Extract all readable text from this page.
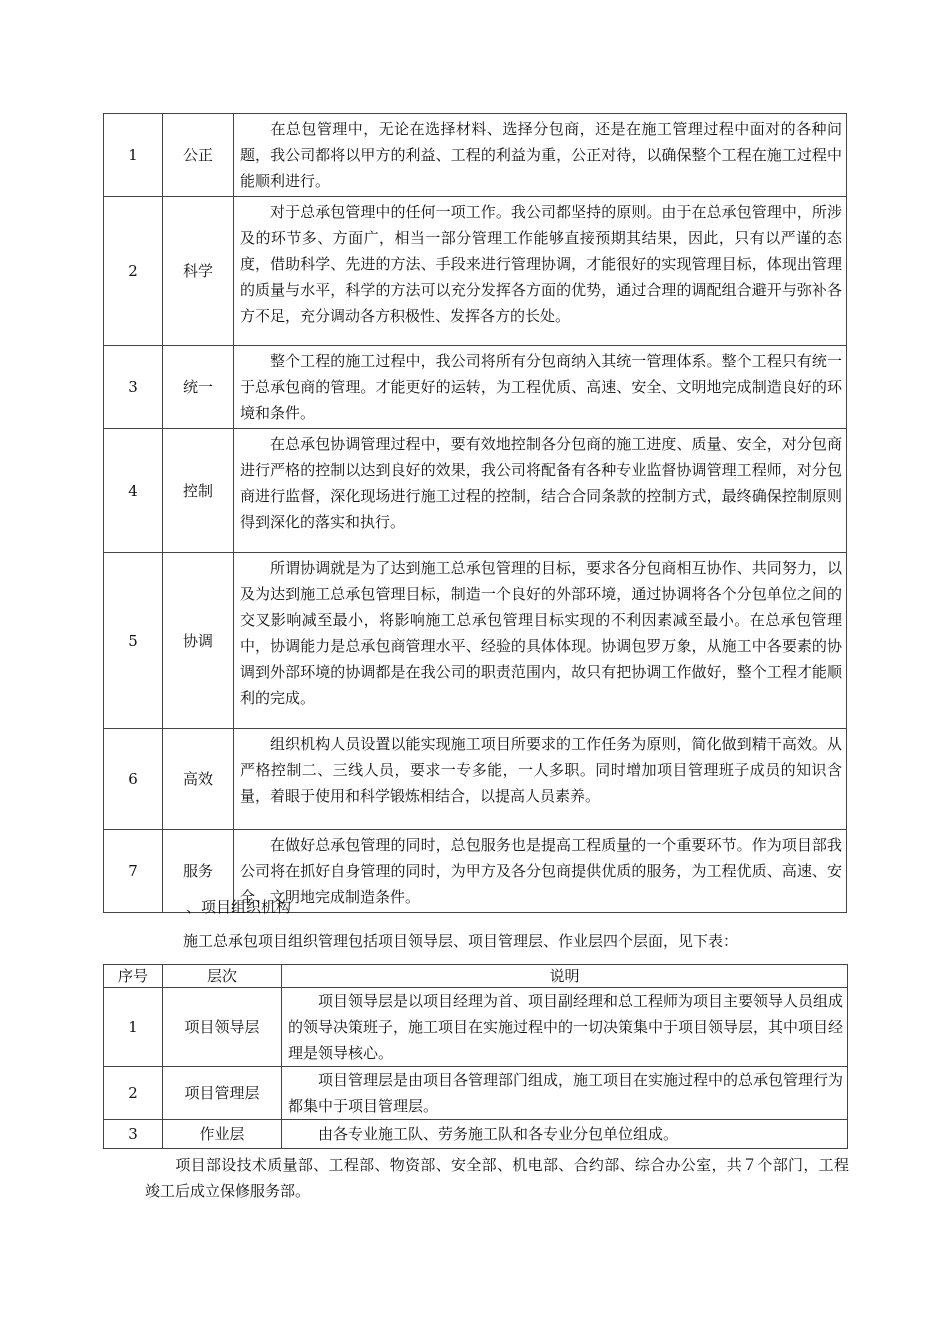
1	公正	在总包管理中，无论在选择材料、选择分包商，还是在施工管理过程中面对的各种问题，我公司都将以甲方的利益、工程的利益为重，公正对待，以确保整个工程在施工过程中能顺利进行。
2	科学	对于总承包管理中的任何一项工作。我公司都坚持的原则。由于在总承包管理中，所涉及的环节多、方面广，相当一部分管理工作能够直接预期其结果，因此，只有以严谨的态度，借助科学、先进的方法、手段来进行管理协调，才能很好的实现管理目标，体现出管理的质量与水平，科学的方法可以充分发挥各方面的优势，通过合理的调配组合避开与弥补各方不足，充分调动各方积极性、发挥各方的长处。
3	统一	整个工程的施工过程中，我公司将所有分包商纳入其统一管理体系。整个工程只有统一于总承包商的管理。才能更好的运转，为工程优质、高速、安全、文明地完成制造良好的环境和条件。
4	控制	在总承包协调管理过程中，要有效地控制各分包商的施工进度、质量、安全，对分包商进行严格的控制以达到良好的效果，我公司将配备有各种专业监督协调管理工程师，对分包商进行监督，深化现场进行施工过程的控制，结合合同条款的控制方式，最终确保控制原则得到深化的落实和执行。
5	协调	所谓协调就是为了达到施工总承包管理的目标，要求各分包商相互协作、共同努力，以及为达到施工总承包管理目标，制造一个良好的外部环境，通过协调将各个分包单位之间的交叉影响减至最小，将影响施工总承包管理目标实现的不利因素减至最小。在总承包管理中，协调能力是总承包商管理水平、经验的具体体现。协调包罗万象，从施工中各要素的协调到外部环境的协调都是在我公司的职责范围内，故只有把协调工作做好，整个工程才能顺利的完成。
6	高效	组织机构人员设置以能实现施工项目所要求的工作任务为原则，简化做到精干高效。从严格控制二、三线人员，要求一专多能，一人多职。同时增加项目管理班子成员的知识含量，着眼于使用和科学锻炼相结合，以提高人员素养。
7	服务	在做好总承包管理的同时，总包服务也是提高工程质量的一个重要环节。作为项目部我公司将在抓好自身管理的同时，为甲方及各分包商提供优质的服务，为工程优质、高速、安全、文明地完成制造条件。
、项目组织机构
施工总承包项目组织管理包括项目领导层、项目管理层、作业层四个层面，见下表：
序号	层次	说明
1	项目领导层	项目领导层是以项目经理为首、项目副经理和总工程师为项目主要领导人员组成的领导决策班子，施工项目在实施过程中的一切决策集中于项目领导层，其中项目经理是领导核心。
2	项目管理层	项目管理层是由项目各管理部门组成，施工项目在实施过程中的总承包管理行为都集中于项目管理层。
3	作业层	由各专业施工队、劳务施工队和各专业分包单位组成。
项目部设技术质量部、工程部、物资部、安全部、机电部、合约部、综合办公室，共７个部门，工程竣工后成立保修服务部。
